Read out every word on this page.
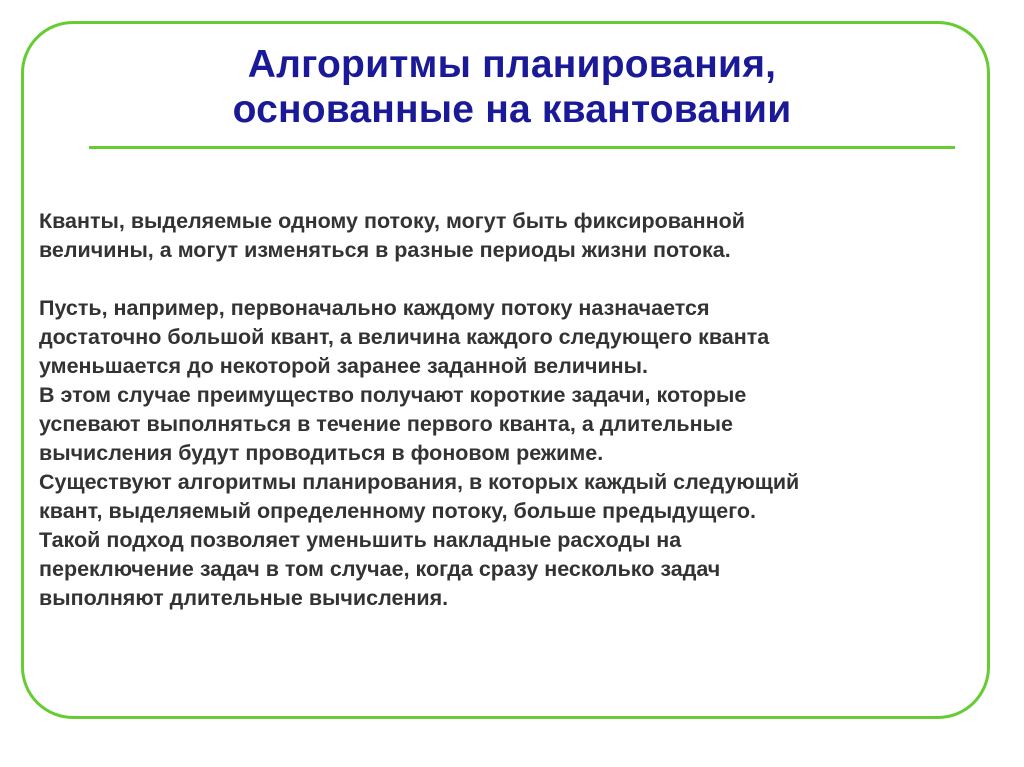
Алгоритмы планирования,
основанные на квантовании
Кванты, выделяемые одному потоку, могут быть фиксированной
величины, а могут изменяться в разные периоды жизни потока.
Пусть, например, первоначально каждому потоку назначается
достаточно большой квант, а величина каждого следующего кванта
уменьшается до некоторой заранее заданной величины.
В этом случае преимущество получают короткие задачи, которые
успевают выполняться в течение первого кванта, а длительные
вычисления будут проводиться в фоновом режиме.
Существуют алгоритмы планирования, в которых каждый следующий
квант, выделяемый определенному потоку, больше предыдущего.
Такой подход позволяет уменьшить накладные расходы на
переключение задач в том случае, когда сразу несколько задач
выполняют длительные вычисления.
